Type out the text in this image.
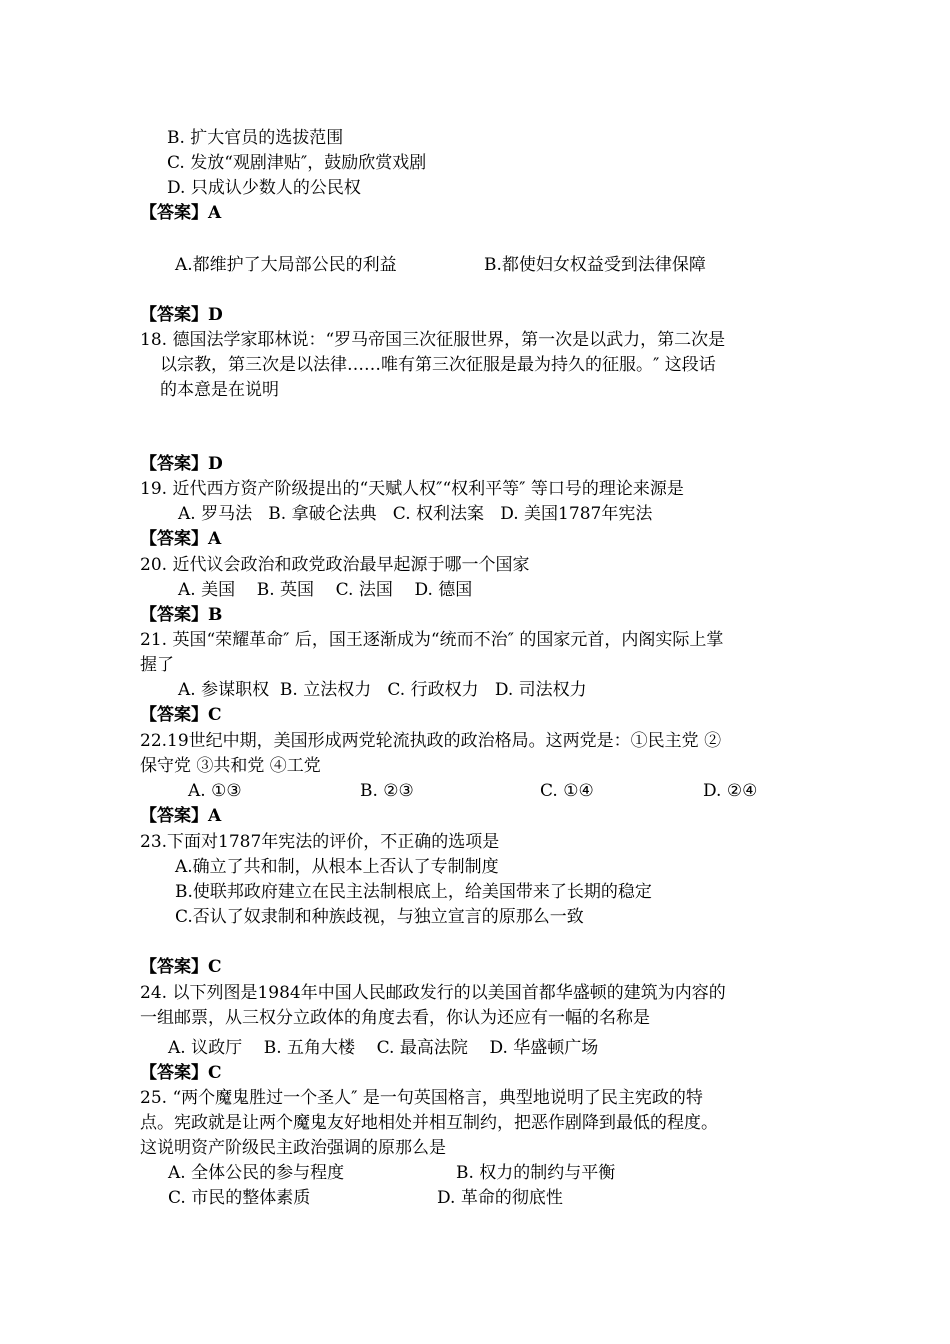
B. 扩大官员的选拔范围
C. 发放“观剧津贴″，鼓励欣赏戏剧
D. 只成认少数人的公民权
【答案】A
A.都维护了大局部公民的利益	B.都使妇女权益受到法律保障
【答案】D
18. 德国法学家耶林说：“罗马帝国三次征服世界，第一次是以武力，第二次是
以宗教，第三次是以法律……唯有第三次征服是最为持久的征服。″ 这段话
的本意是在说明
【答案】D
19. 近代西方资产阶级提出的“天赋人权″“权利平等″ 等口号的理论来源是
A. 罗马法   B. 拿破仑法典   C. 权利法案   D. 美国1787年宪法
【答案】A
20. 近代议会政治和政党政治最早起源于哪一个国家
A. 美国    B. 英国    C. 法国    D. 德国
【答案】B
21. 英国“荣耀革命″ 后，国王逐渐成为“统而不治″ 的国家元首，内阁实际上掌
握了
A. 参谋职权  B. 立法权力   C. 行政权力   D. 司法权力
【答案】C
22.19世纪中期，美国形成两党轮流执政的政治格局。这两党是：①民主党 ②
保守党 ③共和党 ④工党
A. ①③	B. ②③	C. ①④	D. ②④
【答案】A
23.下面对1787年宪法的评价，不正确的选项是
A.确立了共和制，从根本上否认了专制制度
B.使联邦政府建立在民主法制根底上，给美国带来了长期的稳定
C.否认了奴隶制和种族歧视，与独立宣言的原那么一致
【答案】C
24. 以下列图是1984年中国人民邮政发行的以美国首都华盛顿的建筑为内容的
一组邮票，从三权分立政体的角度去看，你认为还应有一幅的名称是
A. 议政厅    B. 五角大楼    C. 最高法院    D. 华盛顿广场
【答案】C
25. “两个魔鬼胜过一个圣人″ 是一句英国格言，典型地说明了民主宪政的特
点。宪政就是让两个魔鬼友好地相处并相互制约，把恶作剧降到最低的程度。
这说明资产阶级民主政治强调的原那么是
A. 全体公民的参与程度	B. 权力的制约与平衡
C. 市民的整体素质	D. 革命的彻底性
